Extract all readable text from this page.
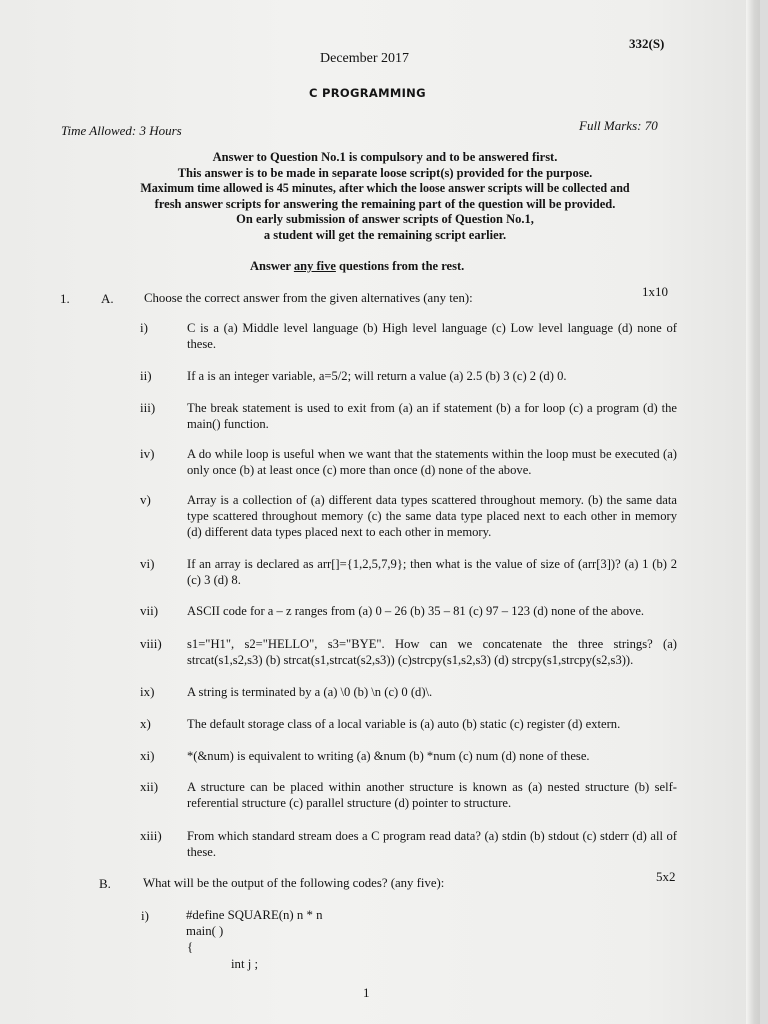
332(S)
December 2017
C PROGRAMMING
Time Allowed: 3 Hours	Full Marks: 70
Answer to Question No.1 is compulsory and to be answered first.
This answer is to be made in separate loose script(s) provided for the purpose.
Maximum time allowed is 45 minutes, after which the loose answer scripts will be collected and
fresh answer scripts for answering the remaining part of the question will be provided.
On early submission of answer scripts of Question No.1,
a student will get the remaining script earlier.
Answer any five questions from the rest.
1. A. Choose the correct answer from the given alternatives (any ten):	1x10
i)	C is a (a) Middle level language (b) High level language (c) Low level language (d) none of these.
ii)	If a is an integer variable, a=5/2; will return a value (a) 2.5 (b) 3 (c) 2 (d) 0.
iii)	The break statement is used to exit from (a) an if statement (b) a for loop (c) a program (d) the main() function.
iv)	A do while loop is useful when we want that the statements within the loop must be executed (a) only once (b) at least once (c) more than once (d) none of the above.
v)	Array is a collection of (a) different data types scattered throughout memory. (b) the same data type scattered throughout memory (c) the same data type placed next to each other in memory (d) different data types placed next to each other in memory.
vi)	If an array is declared as arr[]={1,2,5,7,9}; then what is the value of size of (arr[3])? (a) 1 (b) 2 (c) 3 (d) 8.
vii) ASCII code for a – z ranges from (a) 0 – 26 (b) 35 – 81 (c) 97 – 123 (d) none of the above.
viii) s1="H1", s2="HELLO", s3="BYE". How can we concatenate the three strings? (a) strcat(s1,s2,s3) (b) strcat(s1,strcat(s2,s3)) (c)strcpy(s1,s2,s3) (d) strcpy(s1,strcpy(s2,s3)).
ix)	A string is terminated by a (a) \0 (b) \n (c) 0 (d)\.
x)	The default storage class of a local variable is (a) auto (b) static (c) register (d) extern.
xi)	*(&num) is equivalent to writing (a) &num (b) *num (c) num (d) none of these.
xii) A structure can be placed within another structure is known as (a) nested structure (b) self-referential structure (c) parallel structure (d) pointer to structure.
xiii) From which standard stream does a C program read data? (a) stdin (b) stdout (c) stderr (d) all of these.
B.	What will be the output of the following codes? (any five):	5x2
i)	#define SQUARE(n) n * n
main( )
{
int j ;
1
